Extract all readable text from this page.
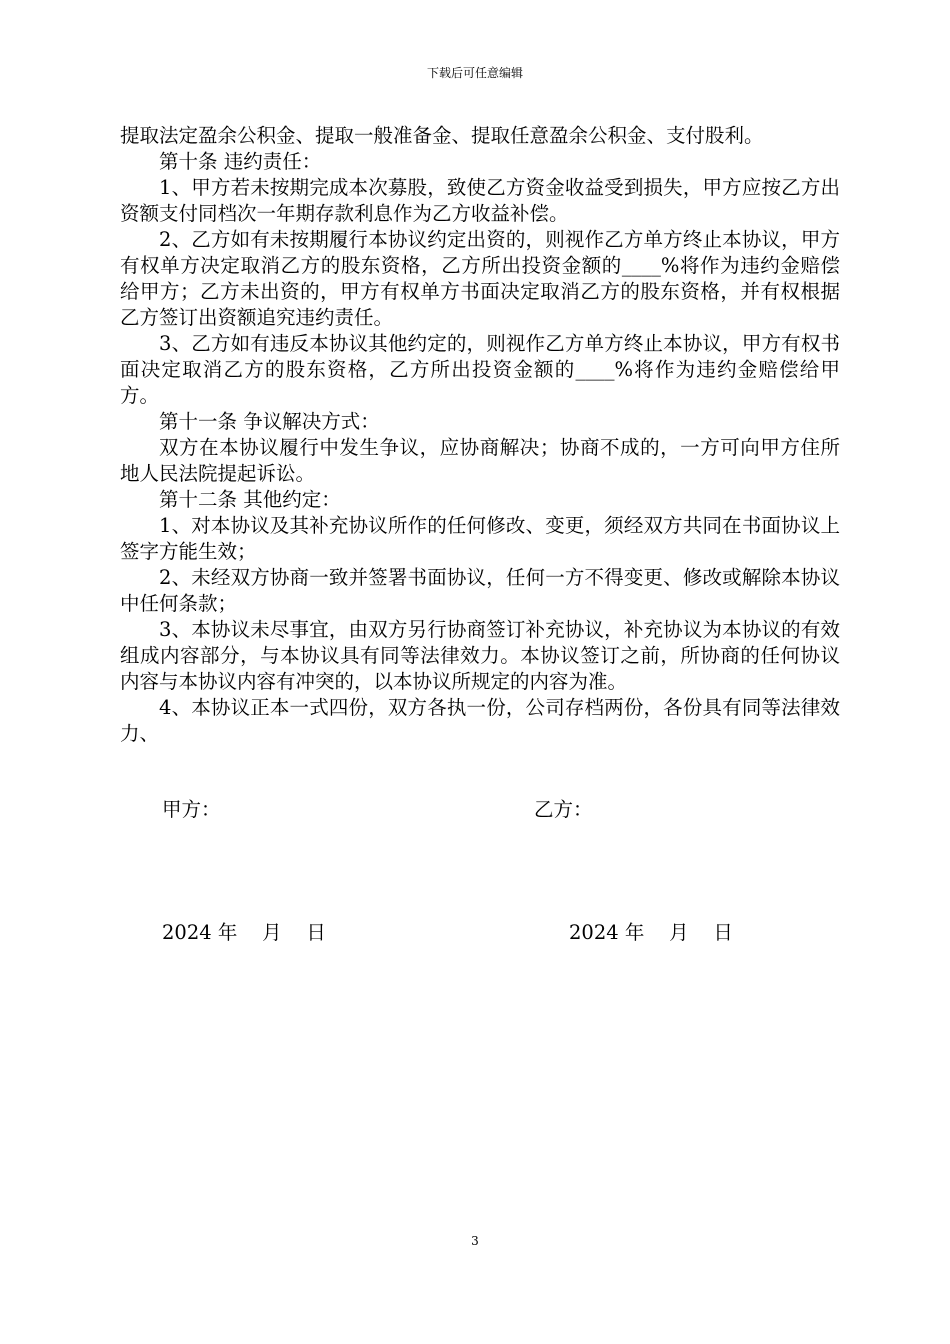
下载后可任意编辑

提取法定盈余公积金、提取一般准备金、提取任意盈余公积金、支付股利。

第十条 违约责任：

1、甲方若未按期完成本次募股，致使乙方资金收益受到损失，甲方应按乙方出资额支付同档次一年期存款利息作为乙方收益补偿。

2、乙方如有未按期履行本协议约定出资的，则视作乙方单方终止本协议，甲方有权单方决定取消乙方的股东资格，乙方所出投资金额的____%将作为违约金赔偿给甲方；乙方未出资的，甲方有权单方书面决定取消乙方的股东资格，并有权根据乙方签订出资额追究违约责任。

3、乙方如有违反本协议其他约定的，则视作乙方单方终止本协议，甲方有权书面决定取消乙方的股东资格，乙方所出投资金额的____%将作为违约金赔偿给甲方。

第十一条 争议解决方式：

双方在本协议履行中发生争议，应协商解决；协商不成的，一方可向甲方住所地人民法院提起诉讼。

第十二条 其他约定：

1、对本协议及其补充协议所作的任何修改、变更，须经双方共同在书面协议上签字方能生效；

2、未经双方协商一致并签署书面协议，任何一方不得变更、修改或解除本协议中任何条款；

3、本协议未尽事宜，由双方另行协商签订补充协议，补充协议为本协议的有效组成内容部分，与本协议具有同等法律效力。本协议签订之前，所协商的任何协议内容与本协议内容有冲突的，以本协议所规定的内容为准。

4、本协议正本一式四份，双方各执一份，公司存档两份，各份具有同等法律效力、

甲方：	乙方：
2024 年    月    日	2024 年    月    日
3
